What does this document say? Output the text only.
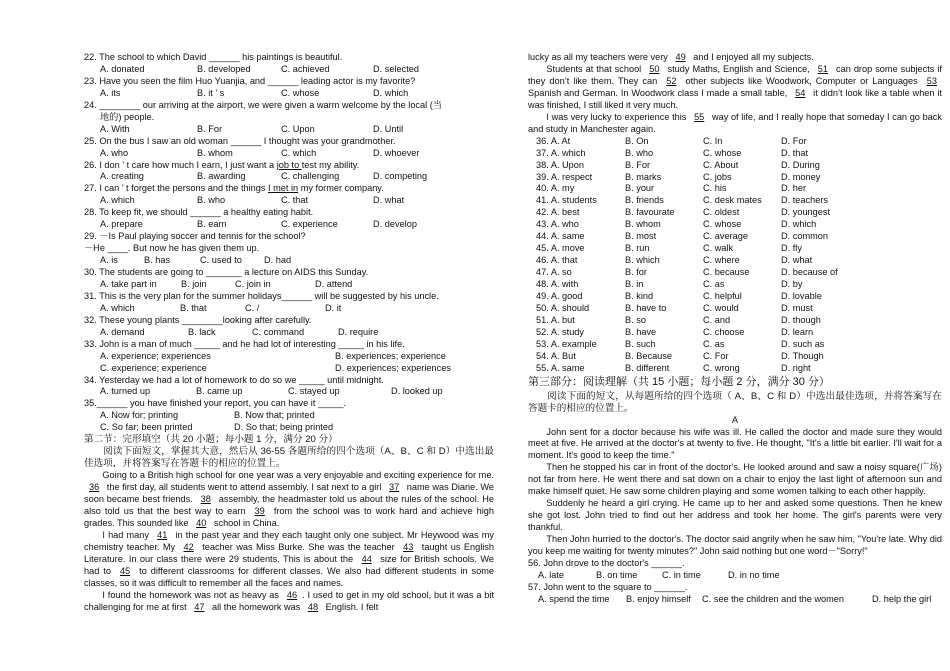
22. The school to which David ______ his paintings is beautiful.
A. donated	B. developed	C. achieved	D. selected
23. Have you seen the film Huo Yuanjia, and ______ leading actor is my favorite?
A. its	B. it ’ s	C. whose	D. which
24. ________ our arriving at the airport, we were given a warm welcome by the local (当
地的) people.
A. With	B. For	C. Upon	D. Until
25. On the bus I saw an old woman ______ I thought was your grandmother.
A. who	B. whom	C. which	D. whoever
26. I don ’ t care how much I earn, I just want a job to test my ability.
A. creating	B. awarding	C. challenging	D. competing
27. I can ’ t forget the persons and the things I met in my former company.
A. which	B. who	C. that	D. what
28. To keep fit, we should ______ a healthy eating habit.
A. prepare	B. earn	C. experience	D. develop
29. －Is Paul playing soccer and tennis for the school?
－He ____. But now he has given them up.
A. is	B. has	C. used to	D. had
30. The students are going to _______ a lecture on AIDS this Sunday.
A. take part in	B. join	C. join in	D. attend
31. This is the very plan for the summer holidays______ will be suggested by his uncle.
A. which	B. that	C. /	D. it
32. These young plants ________looking after carefully.
A. demand	B. lack	C. command	D. require
33. John is a man of much _____ and he had lot of interesting _____ in his life.
A. experience; experiences	B. experiences; experience
C. experience; experience	D. experiences; experiences
34. Yesterday we had a lot of homework to do so we _____ until midnight.
A. turned up	B. came up	C. stayed up	D. looked up
35.______ you have finished your report, you can have it _____.
A. Now for; printing	B. Now that; printed
C. So far; been printed	D. So that; being printed
第二节：完形填空（共 20 小题；每小题 1 分，满分 20 分）
阅读下面短文，掌握其大意，然后从 36-55 各题所给的四个选项（A、B、C 和 D）中选出最佳选项，并将答案写在答题卡的相应的位置上。
Going to a British high school for one year was a very enjoyable and exciting experience for me. 36 the first day, all students went to attend assembly. I sat next to a girl 37 name was Diane. We soon became best friends. 38 assembly, the headmaster told us about the rules of the school. He also told us that the best way to earn 39 from the school was to work hard and achieve high grades. This sounded like 40 school in China.
I had many 41 in the past year and they each taught only one subject. Mr Heywood was my chemistry teacher. My 42 teacher was Miss Burke. She was the teacher 43 taught us English Literature. In our class there were 29 students. This is about the 44 size for British schools. We had to 45 to different classrooms for different classes. We also had different students in some classes, so it was difficult to remember all the faces and names.
I found the homework was not as heavy as 46 . I used to get in my old school, but it was a bit challenging for me at first 47 all the homework was 48 English. I felt
lucky as all my teachers were very 49 and I enjoyed all my subjects.
Students at that school 50 study Maths, English and Science, 51 can drop some subjects if they don’t like them. They can 52 other subjects like Woodwork, Computer or Languages 53 Spanish and German. In Woodwork class I made a small table, 54 it didn’t look like a table when it was finished, I still liked it very much.
I was very lucky to experience this 55 way of life, and I really hope that someday I can go back and study in Manchester again.
36. A. At	B. On	C. In	D. For
37. A. which	B. who	C. whose	D. that
38. A. Upon	B. For	C. About	D. During
39. A. respect	B. marks	C. jobs	D. money
40. A. my	B. your	C. his	D. her
41. A. students	B. friends	C. desk mates	D. teachers
42. A. best	B. favourate	C. oldest	D. youngest
43. A. who	B. whom	C. whose	D. which
44. A. same	B. most	C. average	D. common
45. A. move	B. run	C. walk	D. fly
46. A. that	B. which	C. where	D. what
47. A. so	B. for	C. because	D. because of
48. A. with	B. in	C. as	D. by
49. A. good	B. kind	C. helpful	D. lovable
50. A. should	B. have to	C. would	D. must
51. A. but	B. so	C. and	D. though
52. A. study	B. have	C. choose	D. learn
53. A. example	B. such	C. as	D. such as
54. A. But	B. Because	C. For	D. Though
55. A. same	B. different	C. wrong	D. right
第三部分：阅读理解（共 15 小题；每小题 2 分，满分 30 分）
阅读下面的短文，从每题所给的四个选项（ A、B、C 和 D）中选出最佳选项，并将答案写在答题卡的相应的位置上。
A
John sent for a doctor because his wife was ill. He called the doctor and made sure they would meet at five. He arrived at the doctor's at twenty to five. He thought, "It's a little bit earlier. I'll wait for a moment. It's good to keep the time."
Then he stopped his car in front of the doctor's. He looked around and saw a noisy square(广场) not far from here. He went there and sat down on a chair to enjoy the last light of afternoon sun and make himself quiet. He saw some children playing and some women talking to each other happily.
Suddenly he heard a girl crying. He came up to her and asked some questions. Then he knew she got lost. John tried to find out her address and took her home. The girl's parents were very thankful.
Then John hurried to the doctor's. The doctor said angrily when he saw him, "You're late. Why did you keep me waiting for twenty minutes?" John said nothing but one word－"Sorry!"
56. John drove to the doctor's ______.
A. late	B. on time	C. in time	D. in no time
57. John went to the square to ______.
A. spend the time	B. enjoy himself	C. see the children and the women	D. help the girl
